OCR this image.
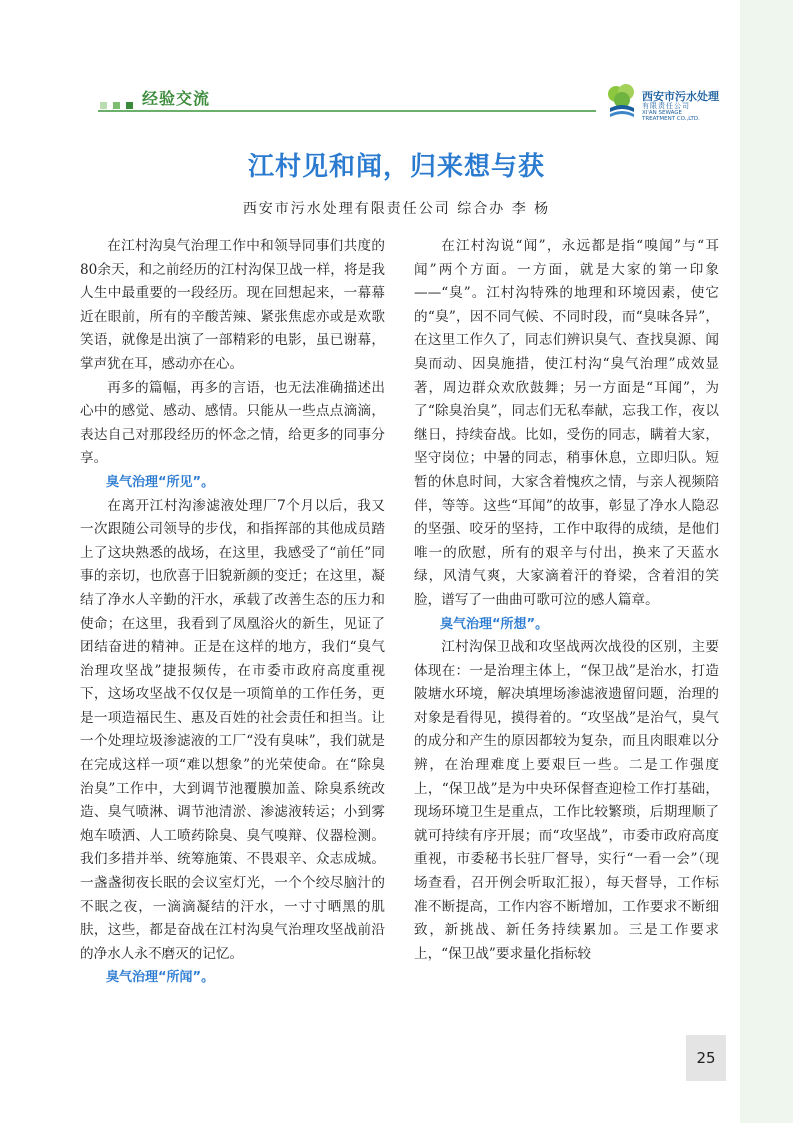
经验交流	西安市污水处理
有限责任公司
XI'AN SEWAGE
TREATMENT CO.,LTD.
江村见和闻，归来想与获
西安市污水处理有限责任公司 综合办 李 杨

在江村沟臭气治理工作中和领导同事们共度的80余天，和之前经历的江村沟保卫战一样，将是我人生中最重要的一段经历。现在回想起来，一幕幕近在眼前，所有的辛酸苦辣、紧张焦虑亦或是欢歌笑语，就像是出演了一部精彩的电影，虽已谢幕，掌声犹在耳，感动亦在心。

再多的篇幅，再多的言语，也无法准确描述出心中的感觉、感动、感情。只能从一些点点滴滴，表达自己对那段经历的怀念之情，给更多的同事分享。

臭气治理“所见”。

在离开江村沟渗滤液处理厂7个月以后，我又一次跟随公司领导的步伐，和指挥部的其他成员踏上了这块熟悉的战场，在这里，我感受了“前任”同事的亲切，也欣喜于旧貌新颜的变迁；在这里，凝结了净水人辛勤的汗水，承载了改善生态的压力和使命；在这里，我看到了凤凰浴火的新生，见证了团结奋进的精神。正是在这样的地方，我们“臭气治理攻坚战”捷报频传，在市委市政府高度重视下，这场攻坚战不仅仅是一项简单的工作任务，更是一项造福民生、惠及百姓的社会责任和担当。让一个处理垃圾渗滤液的工厂“没有臭味”，我们就是在完成这样一项“难以想象”的光荣使命。在“除臭治臭”工作中，大到调节池覆膜加盖、除臭系统改造、臭气喷淋、调节池清淤、渗滤液转运；小到雾炮车喷洒、人工喷药除臭、臭气嗅辩、仪器检测。我们多措并举、统筹施策、不畏艰辛、众志成城。一盏盏彻夜长眠的会议室灯光，一个个绞尽脑汁的不眠之夜，一滴滴凝结的汗水，一寸寸晒黑的肌肤，这些，都是奋战在江村沟臭气治理攻坚战前沿的净水人永不磨灭的记忆。

臭气治理“所闻”。

在江村沟说“闻”，永远都是指“嗅闻”与“耳闻”两个方面。一方面，就是大家的第一印象——“臭”。江村沟特殊的地理和环境因素，使它的“臭”，因不同气候、不同时段，而“臭味各异”，在这里工作久了，同志们辨识臭气、查找臭源、闻臭而动、因臭施措，使江村沟“臭气治理”成效显著，周边群众欢欣鼓舞；另一方面是“耳闻”，为了“除臭治臭”，同志们无私奉献，忘我工作，夜以继日，持续奋战。比如，受伤的同志，瞒着大家，坚守岗位；中暑的同志，稍事休息，立即归队。短暂的休息时间，大家含着愧疚之情，与亲人视频陪伴，等等。这些“耳闻”的故事，彰显了净水人隐忍的坚强、咬牙的坚持，工作中取得的成绩，是他们唯一的欣慰，所有的艰辛与付出，换来了天蓝水绿，风清气爽，大家滴着汗的脊梁，含着泪的笑脸，谱写了一曲曲可歌可泣的感人篇章。

臭气治理“所想”。

江村沟保卫战和攻坚战两次战役的区别，主要体现在：一是治理主体上，“保卫战”是治水，打造陂塘水环境，解决填埋场渗滤液遗留问题，治理的对象是看得见，摸得着的。“攻坚战”是治气，臭气的成分和产生的原因都较为复杂，而且肉眼难以分辨，在治理难度上要艰巨一些。二是工作强度上，“保卫战”是为中央环保督查迎检工作打基础，现场环境卫生是重点，工作比较繁琐，后期理顺了就可持续有序开展；而“攻坚战”，市委市政府高度重视，市委秘书长驻厂督导，实行“一看一会”（现场查看，召开例会听取汇报），每天督导，工作标准不断提高，工作内容不断增加，工作要求不断细致，新挑战、新任务持续累加。三是工作要求上，“保卫战”要求量化指标较

25
